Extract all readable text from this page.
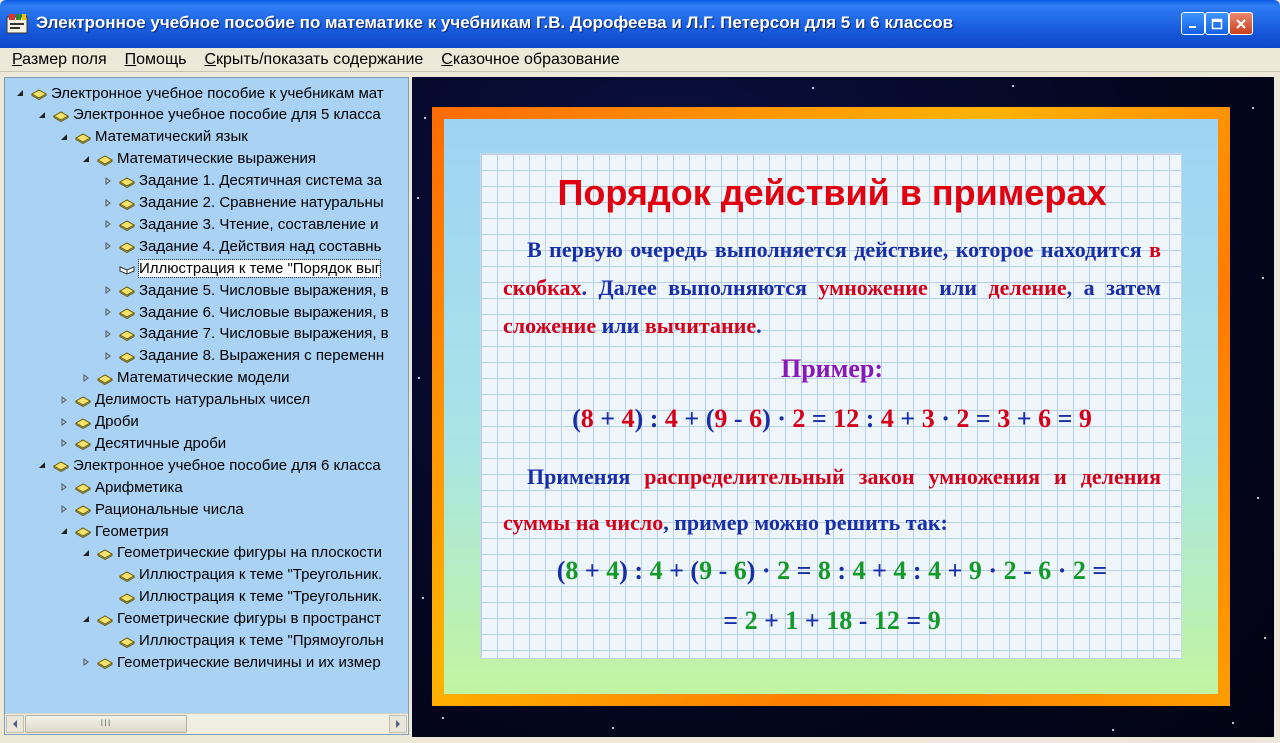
Электронное учебное пособие по математике к учебникам Г.В. Дорофеева и Л.Г. Петерсон для 5 и 6 классов
Размер поля	Помощь	Скрыть/показать содержание	Сказочное образование
Электронное учебное пособие к учебникам мат
Электронное учебное пособие для 5 класса
Математический язык
Математические выражения
Задание 1. Десятичная система за
Задание 2. Сравнение натуральны
Задание 3. Чтение, составление и
Задание 4. Действия над составнь
Иллюстрация к теме "Порядок выг
Задание 5. Числовые выражения, в
Задание 6. Числовые выражения, в
Задание 7. Числовые выражения, в
Задание 8. Выражения с переменн
Математические модели
Делимость натуральных чисел
Дроби
Десятичные дроби
Электронное учебное пособие для 6 класса
Арифметика
Рациональные числа
Геометрия
Геометрические фигуры на плоскости
Иллюстрация к теме "Треугольник.
Иллюстрация к теме "Треугольник.
Геометрические фигуры в пространст
Иллюстрация к теме "Прямоугольн
Геометрические величины и их измер
III
Порядок действий в примерах
В первую очередь выполняется действие, которое находится в скобках. Далее выполняются умножение или деление, а затем сложение или вычитание.
Пример:
(8 + 4) : 4 + (9 - 6) · 2 = 12 : 4 + 3 · 2 = 3 + 6 = 9
Применяя распределительный закон умножения и деления суммы на число, пример можно решить так:
(8 + 4) : 4 + (9 - 6) · 2 = 8 : 4 + 4 : 4 + 9 · 2 - 6 · 2 =
= 2 + 1 + 18 - 12 = 9
